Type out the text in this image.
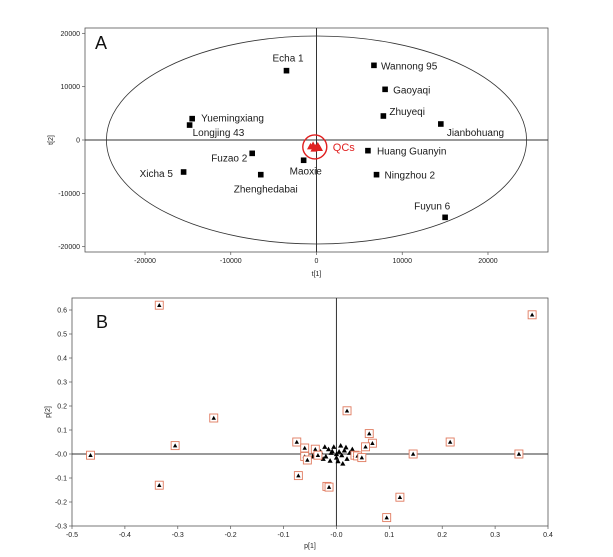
-20000	-10000	0	10000	20000
-20000
-10000
0
10000
20000
t[1]
t[2]
A
Echa 1
Wannong 95
Gaoyaqi
Zhuyeqi
Jianbohuang
Yuemingxiang
Longjing 43
Huang Guanyin
Fuzao 2
Maoxie	Ningzhou 2
Xicha 5
Zhenghedabai
Fuyun 6
QCs
-0.5	-0.4	-0.3	-0.2	-0.1	-0.0	0.1	0.2	0.3	0.4
-0.3
-0.2
-0.1
-0.0
0.1
0.2
0.3
0.4
0.5
0.6
p[1]
p[2]
B
